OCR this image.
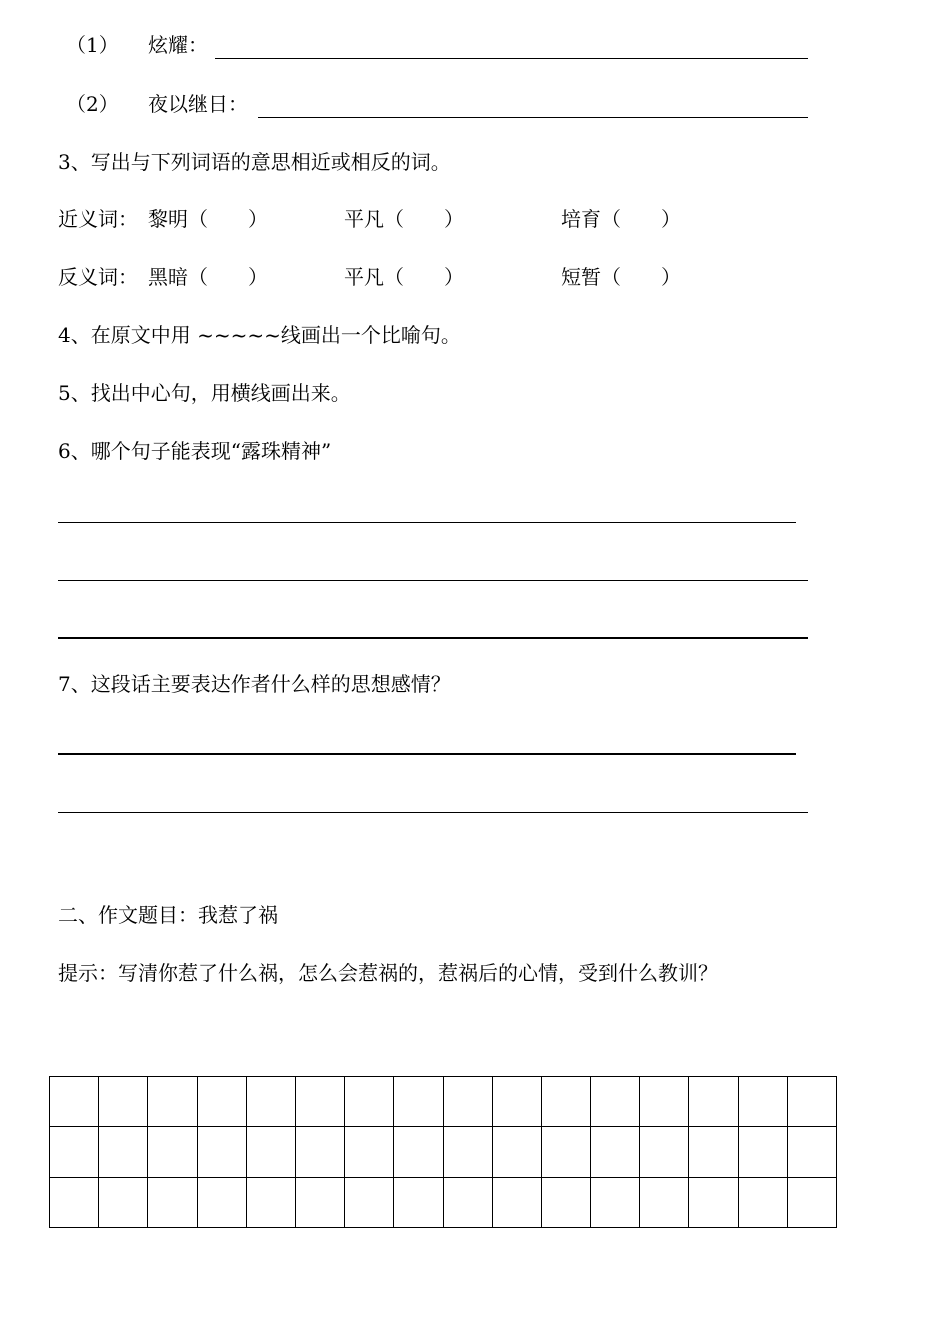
（1） 炫耀：
（2） 夜以继日：
3、写出与下列词语的意思相近或相反的词。
近义词： 黎明（　　）	平凡（　　）	培育（　　）
反义词： 黑暗（　　）	平凡（　　）	短暂（　　）
4、在原文中用 ~~~~~线画出一个比喻句。
5、找出中心句，用横线画出来。
6、哪个句子能表现“露珠精神”
7、这段话主要表达作者什么样的思想感情？
二、作文题目：我惹了祸
提示：写清你惹了什么祸，怎么会惹祸的，惹祸后的心情，受到什么教训？
